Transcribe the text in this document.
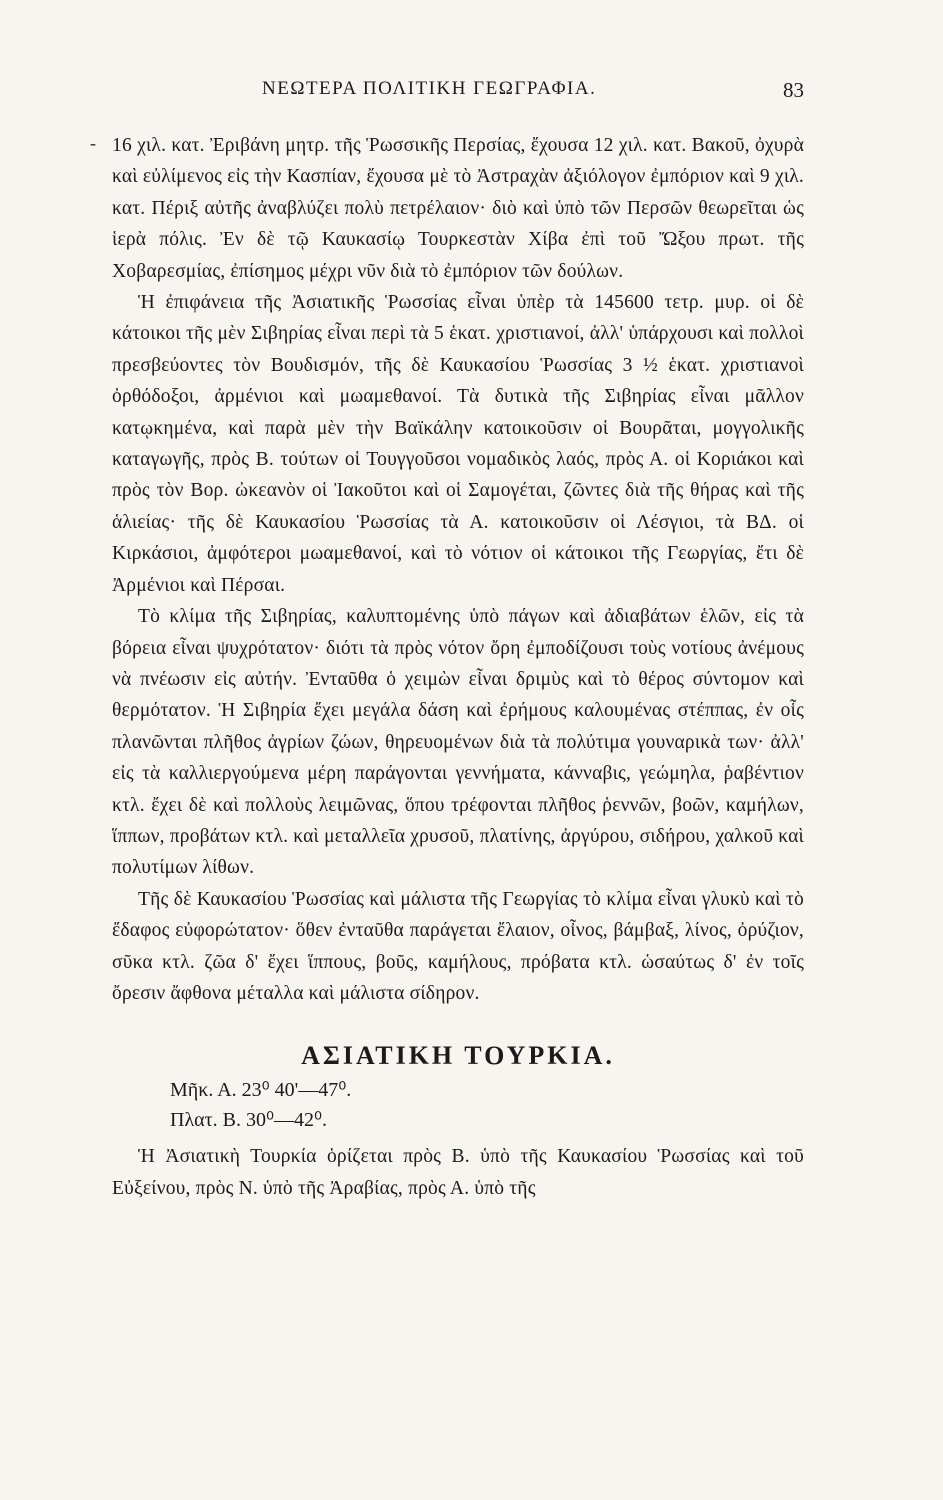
-
ΝΕΩΤΕΡΑ ΠΟΛΙΤΙΚΗ ΓΕΩΓΡΑΦΙΑ.	83

16 χιλ. κατ. Ἐριβάνη μητρ. τῆς Ῥωσσικῆς Περσίας, ἔχουσα 12 χιλ. κατ. Βακοῦ, ὀχυρὰ καὶ εὐλίμενος εἰς τὴν Κασπίαν, ἔχουσα μὲ τὸ Ἀστραχὰν ἀξιόλογον ἐμπόριον καὶ 9 χιλ. κατ. Πέριξ αὐτῆς ἀναβλύζει πολὺ πετρέλαιον· διὸ καὶ ὑπὸ τῶν Περσῶν θεωρεῖται ὡς ἱερὰ πόλις. Ἐν δὲ τῷ Καυκασίῳ Τουρκεστὰν Χίβα ἐπὶ τοῦ Ὤξου πρωτ. τῆς Χοβαρεσμίας, ἐπίσημος μέχρι νῦν διὰ τὸ ἐμπόριον τῶν δούλων.

Ἡ ἐπιφάνεια τῆς Ἀσιατικῆς Ῥωσσίας εἶναι ὑπὲρ τὰ 145600 τετρ. μυρ. οἱ δὲ κάτοικοι τῆς μὲν Σιβηρίας εἶναι περὶ τὰ 5 ἑκατ. χριστιανοί, ἀλλ' ὑπάρχουσι καὶ πολλοὶ πρεσβεύοντες τὸν Βουδισμόν, τῆς δὲ Καυκασίου Ῥωσσίας 3 ½ ἑκατ. χριστιανοὶ ὀρθόδοξοι, ἀρμένιοι καὶ μωαμεθανοί. Τὰ δυτικὰ τῆς Σιβηρίας εἶναι μᾶλλον κατῳκημένα, καὶ παρὰ μὲν τὴν Βαϊκάλην κατοικοῦσιν οἱ Βουρᾶται, μογγολικῆς καταγωγῆς, πρὸς Β. τούτων οἱ Τουγγοῦσοι νομαδικὸς λαός, πρὸς Α. οἱ Κοριάκοι καὶ πρὸς τὸν Βορ. ὠκεανὸν οἱ Ἰακοῦτοι καὶ οἱ Σαμογέται, ζῶντες διὰ τῆς θήρας καὶ τῆς ἁλιείας· τῆς δὲ Καυκασίου Ῥωσσίας τὰ Α. κατοικοῦσιν οἱ Λέσγιοι, τὰ ΒΔ. οἱ Κιρκάσιοι, ἀμφότεροι μωαμεθανοί, καὶ τὸ νότιον οἱ κάτοικοι τῆς Γεωργίας, ἔτι δὲ Ἀρμένιοι καὶ Πέρσαι.

Τὸ κλίμα τῆς Σιβηρίας, καλυπτομένης ὑπὸ πάγων καὶ ἀδιαβάτων ἑλῶν, εἰς τὰ βόρεια εἶναι ψυχρότατον· διότι τὰ πρὸς νότον ὄρη ἐμποδίζουσι τοὺς νοτίους ἀνέμους νὰ πνέωσιν εἰς αὐτήν. Ἐνταῦθα ὁ χειμὼν εἶναι δριμὺς καὶ τὸ θέρος σύντομον καὶ θερμότατον. Ἡ Σιβηρία ἔχει μεγάλα δάση καὶ ἐρήμους καλουμένας στέππας, ἐν οἷς πλανῶνται πλῆθος ἀγρίων ζώων, θηρευομένων διὰ τὰ πολύτιμα γουναρικὰ των· ἀλλ' εἰς τὰ καλλιεργούμενα μέρη παράγονται γεννήματα, κάνναβις, γεώμηλα, ῥαβέντιον κτλ. ἔχει δὲ καὶ πολλοὺς λειμῶνας, ὅπου τρέφονται πλῆθος ῥεννῶν, βοῶν, καμήλων, ἵππων, προβάτων κτλ. καὶ μεταλλεῖα χρυσοῦ, πλατίνης, ἀργύρου, σιδήρου, χαλκοῦ καὶ πολυτίμων λίθων.

Τῆς δὲ Καυκασίου Ῥωσσίας καὶ μάλιστα τῆς Γεωργίας τὸ κλίμα εἶναι γλυκὺ καὶ τὸ ἔδαφος εὐφορώτατον· ὅθεν ἐνταῦθα παράγεται ἔλαιον, οἶνος, βάμβαξ, λίνος, ὀρύζιον, σῦκα κτλ. ζῶα δ' ἔχει ἵππους, βοῦς, καμήλους, πρόβατα κτλ. ὡσαύτως δ' ἐν τοῖς ὄρεσιν ἄφθονα μέταλλα καὶ μάλιστα σίδηρον.

ΑΣΙΑΤΙΚΗ ΤΟΥΡΚΙΑ.
Μῆκ. Α. 23⁰ 40'—47⁰.
Πλατ. Β. 30⁰—42⁰.

Ἡ Ἀσιατικὴ Τουρκία ὁρίζεται πρὸς Β. ὑπὸ τῆς Καυκασίου Ῥωσσίας καὶ τοῦ Εὐξείνου, πρὸς Ν. ὑπὸ τῆς Ἀραβίας, πρὸς Α. ὑπὸ τῆς
